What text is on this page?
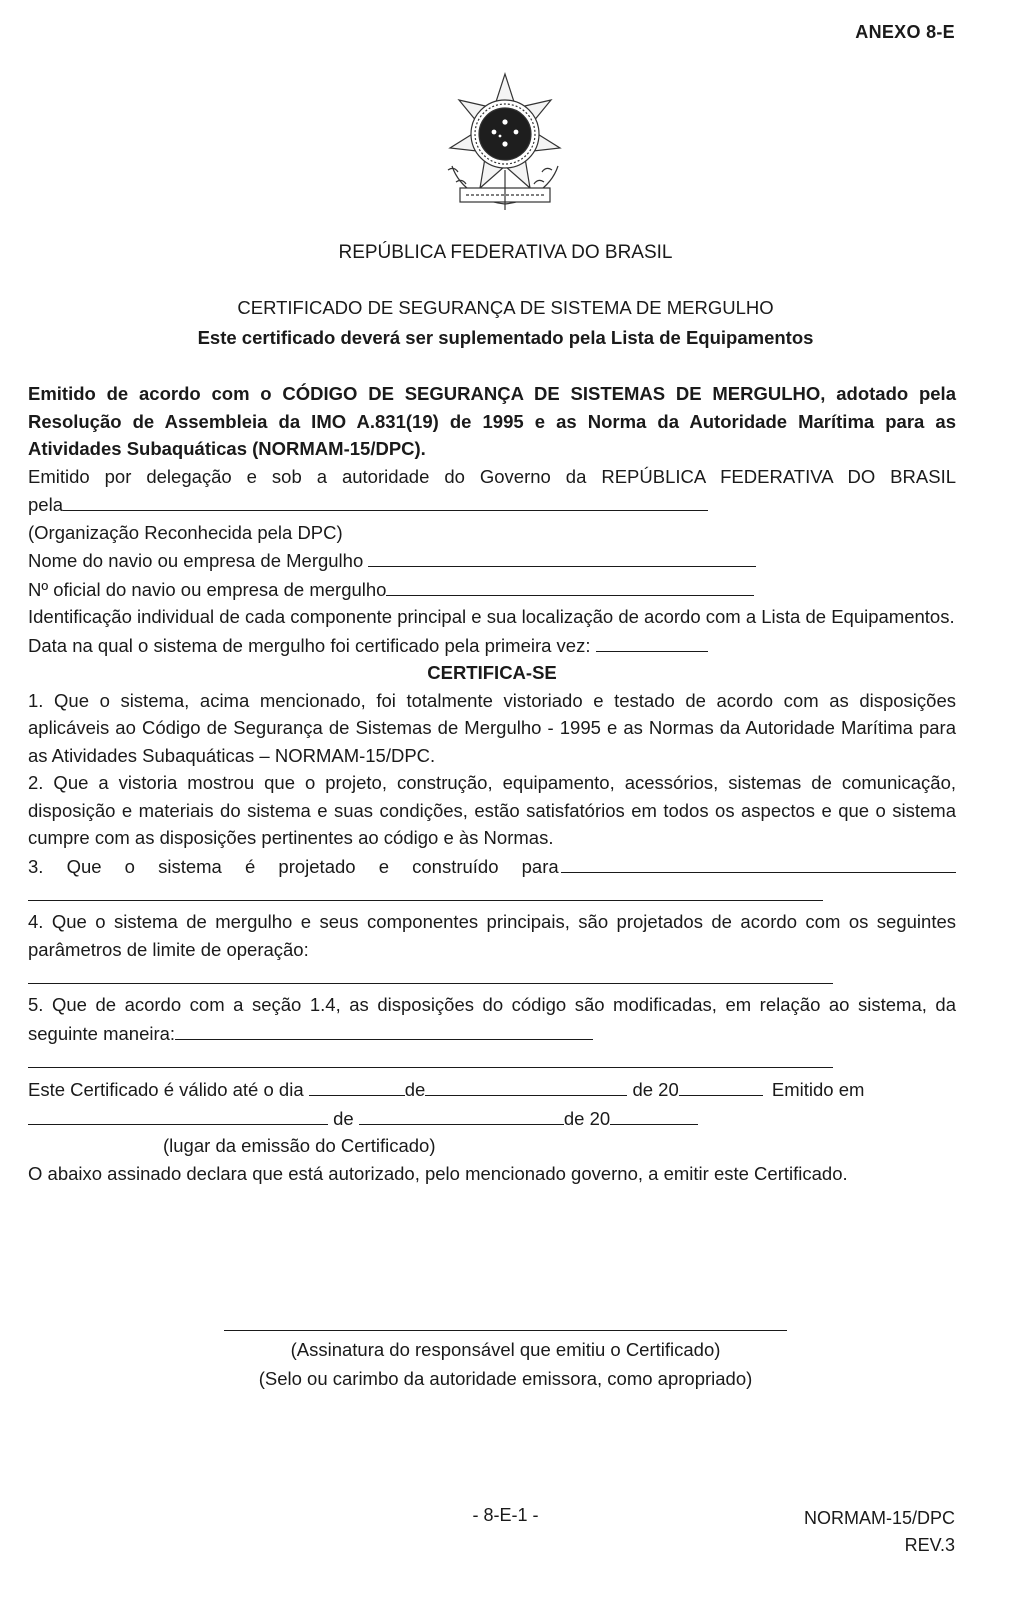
ANEXO 8-E
REPÚBLICA FEDERATIVA DO BRASIL
CERTIFICADO DE SEGURANÇA DE SISTEMA DE MERGULHO
Este certificado deverá ser suplementado pela Lista de Equipamentos

Emitido de acordo com o CÓDIGO DE SEGURANÇA DE SISTEMAS DE MERGULHO, adotado pela Resolução de Assembleia da IMO A.831(19) de 1995 e as Norma da Autoridade Marítima para as Atividades Subaquáticas (NORMAM-15/DPC).

Emitido por delegação e sob a autoridade do Governo da REPÚBLICA FEDERATIVA DO BRASIL

pela

(Organização Reconhecida pela DPC)

Nome do navio ou empresa de Mergulho

Nº oficial do navio ou empresa de mergulho

Identificação individual de cada componente principal e sua localização de acordo com a Lista de Equipamentos.

Data na qual o sistema de mergulho foi certificado pela primeira vez:

CERTIFICA-SE

1. Que o sistema, acima mencionado, foi totalmente vistoriado e testado de acordo com as disposições aplicáveis ao Código de Segurança de Sistemas de Mergulho - 1995 e as Normas da Autoridade Marítima para as Atividades Subaquáticas – NORMAM-15/DPC.

2. Que a vistoria mostrou que o projeto, construção, equipamento, acessórios, sistemas de comunicação, disposição e materiais do sistema e suas condições, estão satisfatórios em todos os aspectos e que o sistema cumpre com as disposições pertinentes ao código e às Normas.

3. Que o sistema é projetado e construído para

4. Que o sistema de mergulho e seus componentes principais, são projetados de acordo com os seguintes parâmetros de limite de operação:

5. Que de acordo com a seção 1.4, as disposições do código são modificadas, em relação ao sistema, da seguinte maneira:

Este Certificado é válido até o dia	de	de 20	Emitido em

de	de 20

(lugar da emissão do Certificado)

O abaixo assinado declara que está autorizado, pelo mencionado governo, a emitir este Certificado.

(Assinatura do responsável que emitiu o Certificado)
(Selo ou carimbo da autoridade emissora, como apropriado)
- 8-E-1 -	NORMAM-15/DPC
REV.3
